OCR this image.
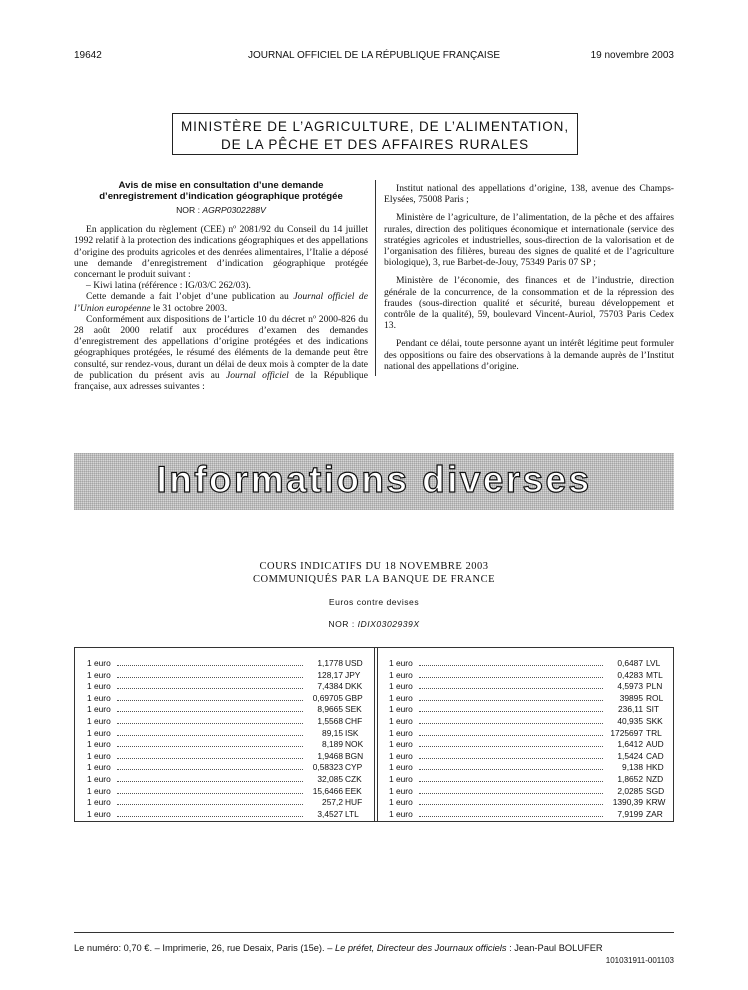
19642	JOURNAL OFFICIEL DE LA RÉPUBLIQUE FRANÇAISE	19 novembre 2003
MINISTÈRE DE L’AGRICULTURE, DE L’ALIMENTATION,
DE LA PÊCHE ET DES AFFAIRES RURALES
Avis de mise en consultation d’une demande
d’enregistrement d’indication géographique protégée
NOR : AGRP0302288V

En application du règlement (CEE) nº 2081/92 du Conseil du 14 juillet 1992 relatif à la protection des indications géographiques et des appellations d’origine des produits agricoles et des denrées alimentaires, l’Italie a déposé une demande d’enregistrement d’indication géographique protégée concernant le produit suivant :

– Kiwi latina (référence : IG/03/C 262/03).

Cette demande a fait l’objet d’une publication au Journal officiel de l’Union européenne le 31 octobre 2003.

Conformément aux dispositions de l’article 10 du décret nº 2000-826 du 28 août 2000 relatif aux procédures d’examen des demandes d’enregistrement des appellations d’origine protégées et des indications géographiques protégées, le résumé des éléments de la demande peut être consulté, sur rendez-vous, durant un délai de deux mois à compter de la date de publication du présent avis au Journal officiel de la République française, aux adresses suivantes :

Institut national des appellations d’origine, 138, avenue des Champs-Elysées, 75008 Paris ;

Ministère de l’agriculture, de l’alimentation, de la pêche et des affaires rurales, direction des politiques économique et internationale (service des stratégies agricoles et industrielles, sous-direction de la valorisation et de l’organisation des filières, bureau des signes de qualité et de l’agriculture biologique), 3, rue Barbet-de-Jouy, 75349 Paris 07 SP ;

Ministère de l’économie, des finances et de l’industrie, direction générale de la concurrence, de la consommation et de la répression des fraudes (sous-direction qualité et sécurité, bureau développement et contrôle de la qualité), 59, boulevard Vincent-Auriol, 75703 Paris Cedex 13.

Pendant ce délai, toute personne ayant un intérêt légitime peut formuler des oppositions ou faire des observations à la demande auprès de l’Institut national des appellations d’origine.

Informations diverses
COURS INDICATIFS DU 18 NOVEMBRE 2003
COMMUNIQUÉS PAR LA BANQUE DE FRANCE
Euros contre devises
NOR : IDIX0302939X
1 euro	1,1778 USD
1 euro	128,17 JPY
1 euro	7,4384 DKK
1 euro	0,69705 GBP
1 euro	8,9665 SEK
1 euro	1,5568 CHF
1 euro	89,15 ISK
1 euro	8,189 NOK
1 euro	1,9468 BGN
1 euro	0,58323 CYP
1 euro	32,085 CZK
1 euro	15,6466 EEK
1 euro	257,2 HUF
1 euro	3,4527 LTL
1 euro	0,6487 LVL
1 euro	0,4283 MTL
1 euro	4,5973 PLN
1 euro	39895 ROL
1 euro	236,11 SIT
1 euro	40,935 SKK
1 euro	1725697 TRL
1 euro	1,6412 AUD
1 euro	1,5424 CAD
1 euro	9,138 HKD
1 euro	1,8652 NZD
1 euro	2,0285 SGD
1 euro	1390,39 KRW
1 euro	7,9199 ZAR
Le numéro: 0,70 €. – Imprimerie, 26, rue Desaix, Paris (15e). – Le préfet, Directeur des Journaux officiels : Jean-Paul BOLUFER
101031911-001103
